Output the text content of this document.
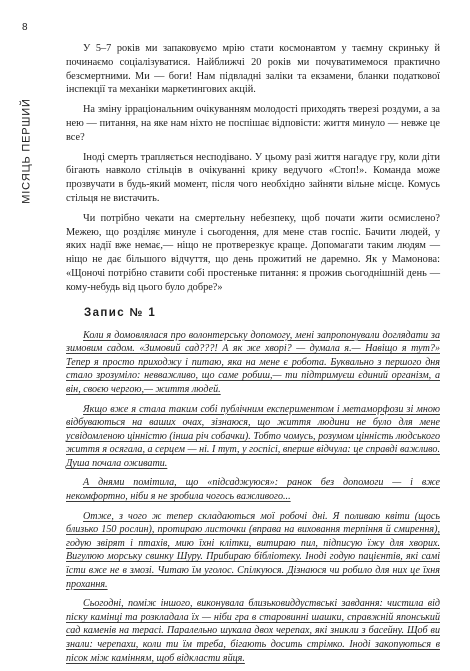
8
МІСЯЦЬ ПЕРШИЙ

У 5–7 років ми запаковуємо мрію стати космонавтом у таємну скриньку й починаємо соціалізуватися. Найближчі 20 років ми почуватимемося практично безсмертними. Ми — боги! Нам підвладні заліки та екзамени, бланки податкової інспекції та механіки маркетингових акцій.

На зміну ірраціональним очікуванням молодості приходять тверезі роздуми, а за нею — питання, на яке нам ніхто не поспішає відповісти: життя минуло — невже це все?

Іноді смерть трапляється несподівано. У цьому разі життя нагадує гру, коли діти бігають навколо стільців в очікуванні крику ведучого «Стоп!». Команда може прозвучати в будь-який момент, після чого необхідно зайняти вільне місце. Комусь стільця не вистачить.

Чи потрібно чекати на смертельну небезпеку, щоб почати жити осмислено? Межею, що розділяє минуле і сьогодення, для мене став госпіс. Бачити людей, у яких надії вже немає,— ніщо не протверезкує краще. Допомагати таким людям — ніщо не дає більшого відчуття, що день прожитий не даремно. Як у Мамонова: «Щоночі потрібно ставити собі простеньке питання: я прожив сьогоднішній день — кому-небудь від цього було добре?»

Запис № 1

Коли я домовлялася про волонтерську допомогу, мені запропонували доглядати за зимовим садом. «Зимовий сад???! А як же хворі? — думала я.— Навіщо я тут?» Тепер я просто приходжу і питаю, яка на мене є робота. Буквально з першого дня стало зрозуміло: невважливо, що саме робиш,— ти підтримуєш єдиний організм, а він, своєю чергою,— життя людей.

Якщо вже я стала таким собі публічним експериментом і метаморфози зі мною відбуваються на ваших очах, зізнаюся, що життя людини не було для мене усвідомленою цінністю (інша річ собачки). Тобто чомусь, розумом цінність людського життя я осягала, а серцем — ні. І тут, у госпісі, вперше відчула: це справді важливо. Душа почала оживати.

А днями помітила, що «підсаджуюся»: ранок без допомоги — і вже некомфортно, ніби я не зробила чогось важливого...

Отже, з чого ж тепер складаються мої робочі дні. Я поливаю квіти (щось близько 150 рослин), протираю листочки (вправа на виховання терпіння й смирення), годую звірят і птахів, мию їхні клітки, витираю пил, підписую їжу для хворих. Вигулюю морську свинку Шуру. Прибираю бібліотеку. Іноді годую пацієнтів, які самі їсти вже не в змозі. Читаю їм уголос. Спілкуюся. Дізнаюся чи робило для них це їхня прохання.

Сьогодні, поміж іншого, виконувала близьковиддуствські завдання: чистила від піску камінці та розкладала їх — ніби гра в старовинні шашки, справжній японський сад каменів на терасі. Паралельно шукала двох черепах, які зникли з басейну. Щоб ви знали: черепахи, коли ти їм треба, бігають досить стрімко. Іноді закопуються в пісок між камінням, щоб відкласти яйця.
